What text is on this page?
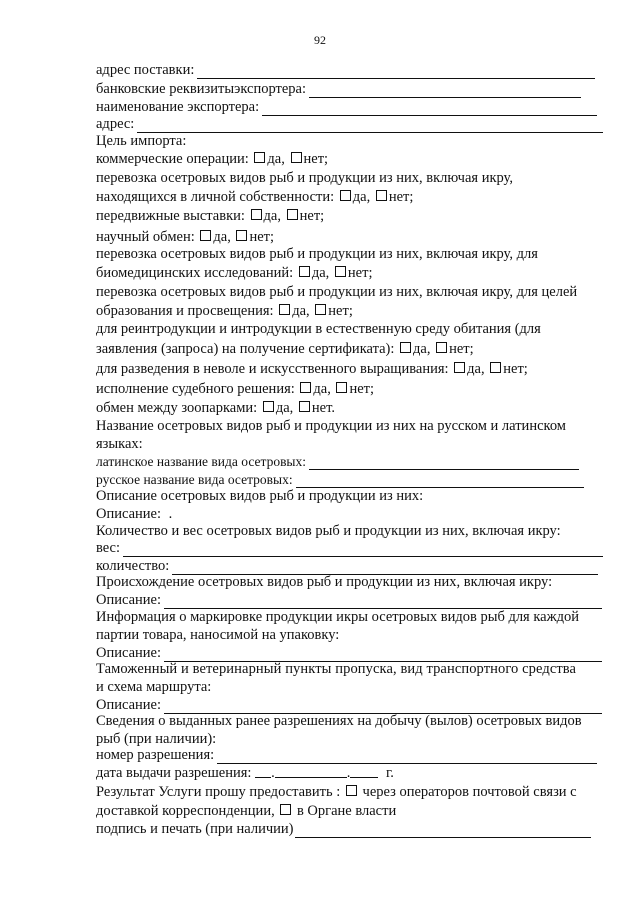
92
адрес поставки:
банковские реквизитыэкспортера:
наименование экспортера:
адрес:
Цель импорта:
коммерческие операции: да, нет;
перевозка осетровых видов рыб и продукции из них, включая икру,
находящихся в личной собственности: да, нет;
передвижные выставки: да, нет;
научный обмен: да, нет;
перевозка осетровых видов рыб и продукции из них, включая икру, для
биомедицинских исследований: да, нет;
перевозка осетровых видов рыб и продукции из них, включая икру, для целей
образования и просвещения: да, нет;
для реинтродукции и интродукции в естественную среду обитания (для
заявления (запроса) на получение сертификата): да, нет;
для разведения в неволе и искусственного выращивания: да, нет;
исполнение судебного решения: да, нет;
обмен между зоопарками: да, нет.
Название осетровых видов рыб и продукции из них на русском и латинском
языках:
латинское название вида осетровых:
русское название вида осетровых:
Описание осетровых видов рыб и продукции из них:
Описание: .
Количество и вес осетровых видов рыб и продукции из них, включая икру:
вес:
количество:
Происхождение осетровых видов рыб и продукции из них, включая икру:
Описание:
Информация о маркировке продукции икры осетровых видов рыб для каждой
партии товара, наносимой на упаковку:
Описание:
Таможенный и ветеринарный пункты пропуска, вид транспортного средства
и схема маршрута:
Описание:
Сведения о выданных ранее разрешениях на добычу (вылов) осетровых видов
рыб (при наличии):
номер разрешения:
дата выдачи разрешения: .	. г.
Результат Услуги прошу предоставить : через операторов почтовой связи с
доставкой корреспонденции, в Органе власти
подпись и печать (при наличии)
